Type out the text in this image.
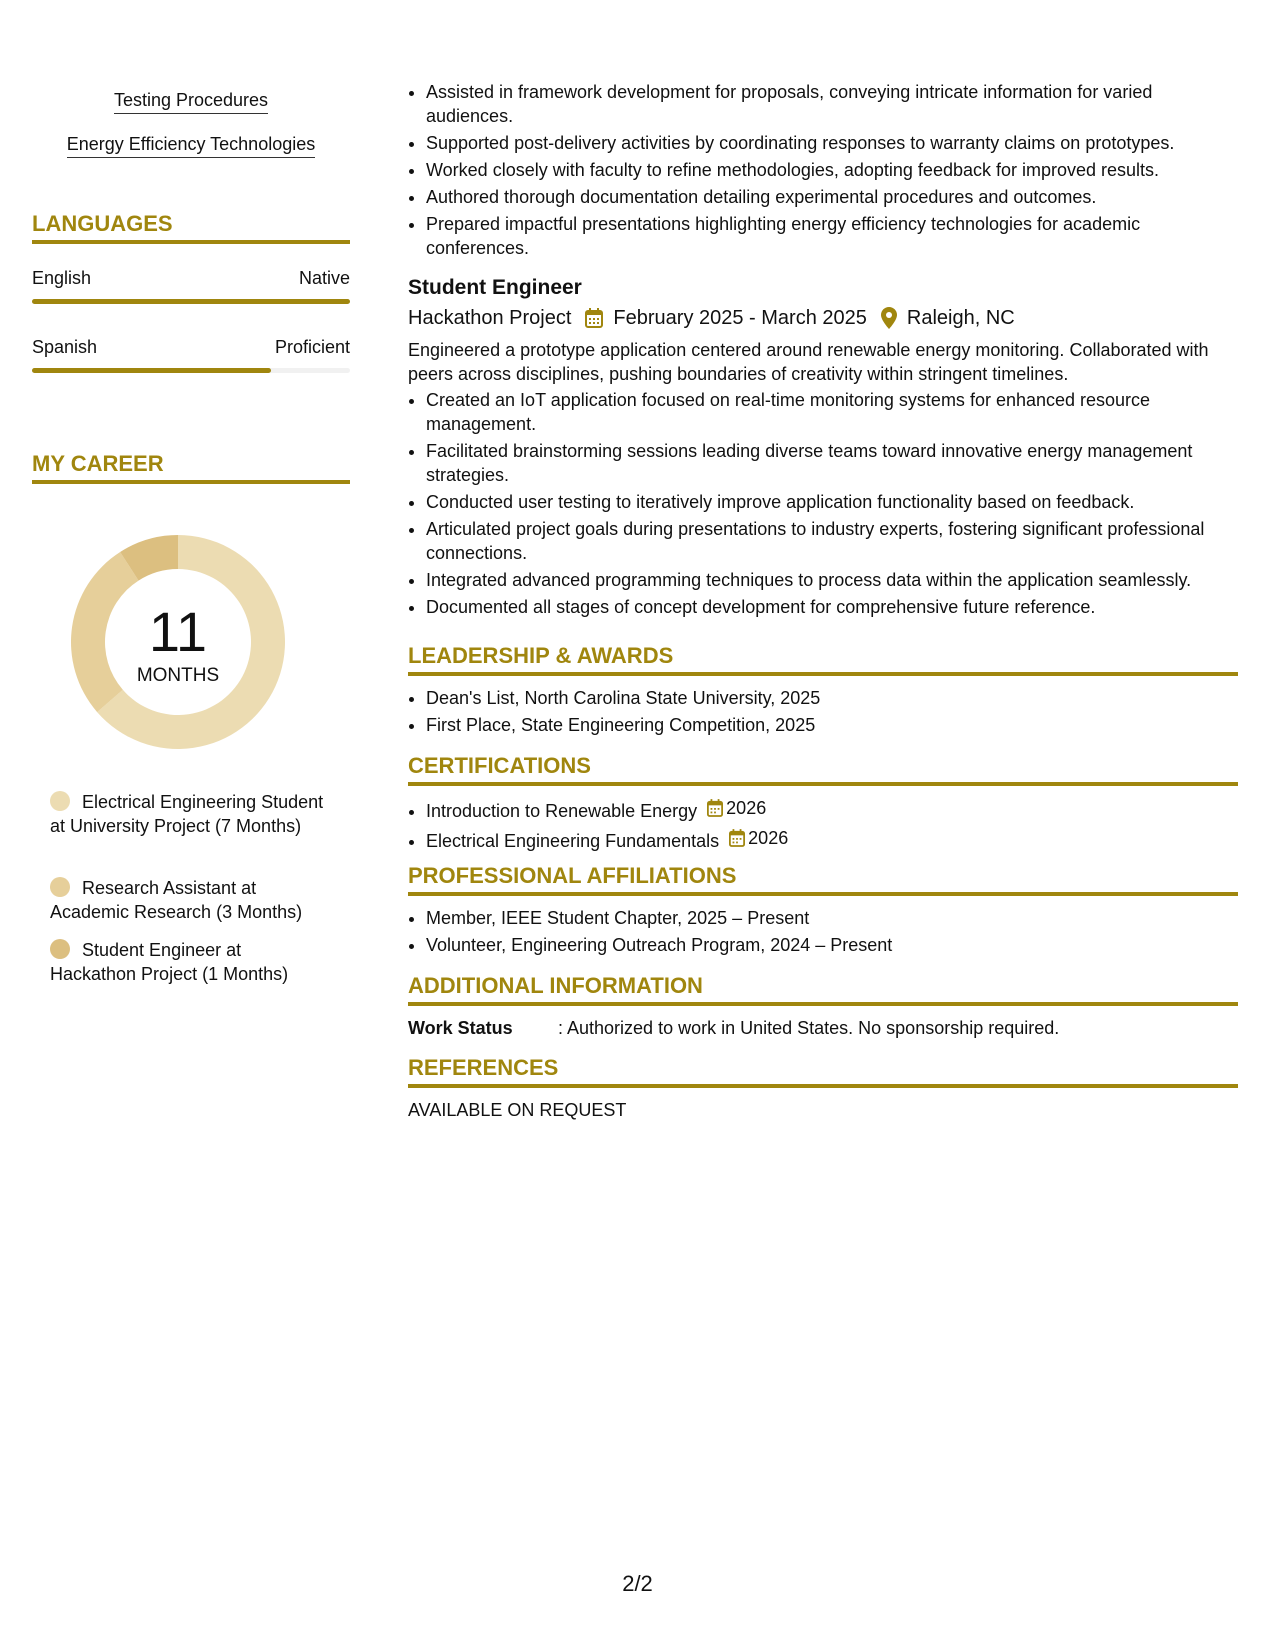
Testing Procedures
Energy Efficiency Technologies
LANGUAGES
English	Native
Spanish	Proficient
MY CAREER
11
MONTHS
Electrical Engineering Student at University Project (7 Months)
Research Assistant at Academic Research (3 Months)
Student Engineer at Hackathon Project (1 Months)
• Assisted in framework development for proposals, conveying intricate information for varied audiences.
• Supported post-delivery activities by coordinating responses to warranty claims on prototypes.
• Worked closely with faculty to refine methodologies, adopting feedback for improved results.
• Authored thorough documentation detailing experimental procedures and outcomes.
• Prepared impactful presentations highlighting energy efficiency technologies for academic conferences.
Student Engineer
Hackathon Project February 2025 - March 2025 Raleigh, NC
Engineered a prototype application centered around renewable energy monitoring. Collaborated with peers across disciplines, pushing boundaries of creativity within stringent timelines.
• Created an IoT application focused on real-time monitoring systems for enhanced resource management.
• Facilitated brainstorming sessions leading diverse teams toward innovative energy management strategies.
• Conducted user testing to iteratively improve application functionality based on feedback.
• Articulated project goals during presentations to industry experts, fostering significant professional connections.
• Integrated advanced programming techniques to process data within the application seamlessly.
• Documented all stages of concept development for comprehensive future reference.
LEADERSHIP & AWARDS
• Dean's List, North Carolina State University, 2025
• First Place, State Engineering Competition, 2025
CERTIFICATIONS
• Introduction to Renewable Energy 2026
• Electrical Engineering Fundamentals 2026
PROFESSIONAL AFFILIATIONS
• Member, IEEE Student Chapter, 2025 – Present
• Volunteer, Engineering Outreach Program, 2024 – Present
ADDITIONAL INFORMATION
Work Status	: Authorized to work in United States. No sponsorship required.
REFERENCES
AVAILABLE ON REQUEST
2/2
